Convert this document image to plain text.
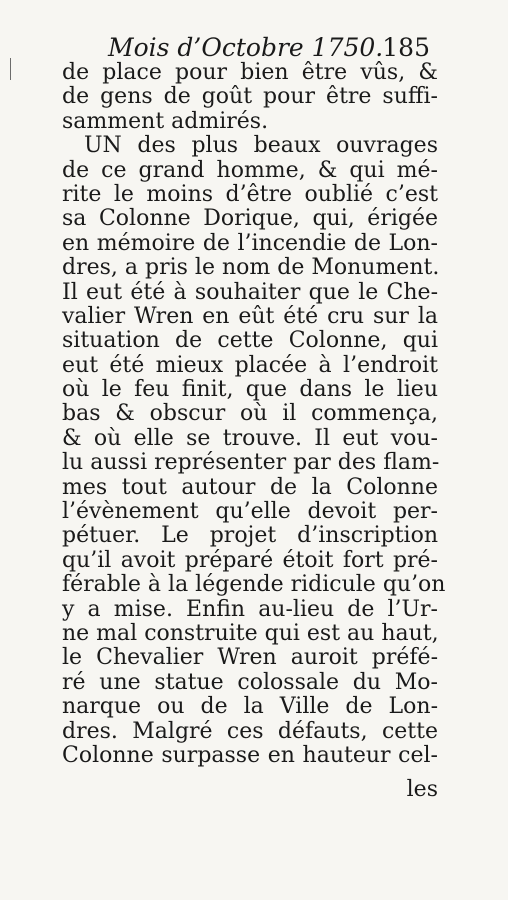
Mois d’Octobre 1750. 185
de place pour bien être vûs, &
de gens de goût pour être suffi-
samment admirés.
UN des plus beaux ouvrages
de ce grand homme, & qui mé-
rite le moins d’être oublié c’est
sa Colonne Dorique, qui, érigée
en mémoire de l’incendie de Lon-
dres, a pris le nom de Monument.
Il eut été à souhaiter que le Che-
valier Wren en eût été cru sur la
situation de cette Colonne, qui
eut été mieux placée à l’endroit
où le feu finit, que dans le lieu
bas & obscur où il commença,
& où elle se trouve. Il eut vou-
lu aussi représenter par des flam-
mes tout autour de la Colonne
l’évènement qu’elle devoit per-
pétuer. Le projet d’inscription
qu’il avoit préparé étoit fort pré-
férable à la légende ridicule qu’on
y a mise. Enfin au-lieu de l’Ur-
ne mal construite qui est au haut,
le Chevalier Wren auroit préfé-
ré une statue colossale du Mo-
narque ou de la Ville de Lon-
dres. Malgré ces défauts, cette
Colonne surpasse en hauteur cel-
les
